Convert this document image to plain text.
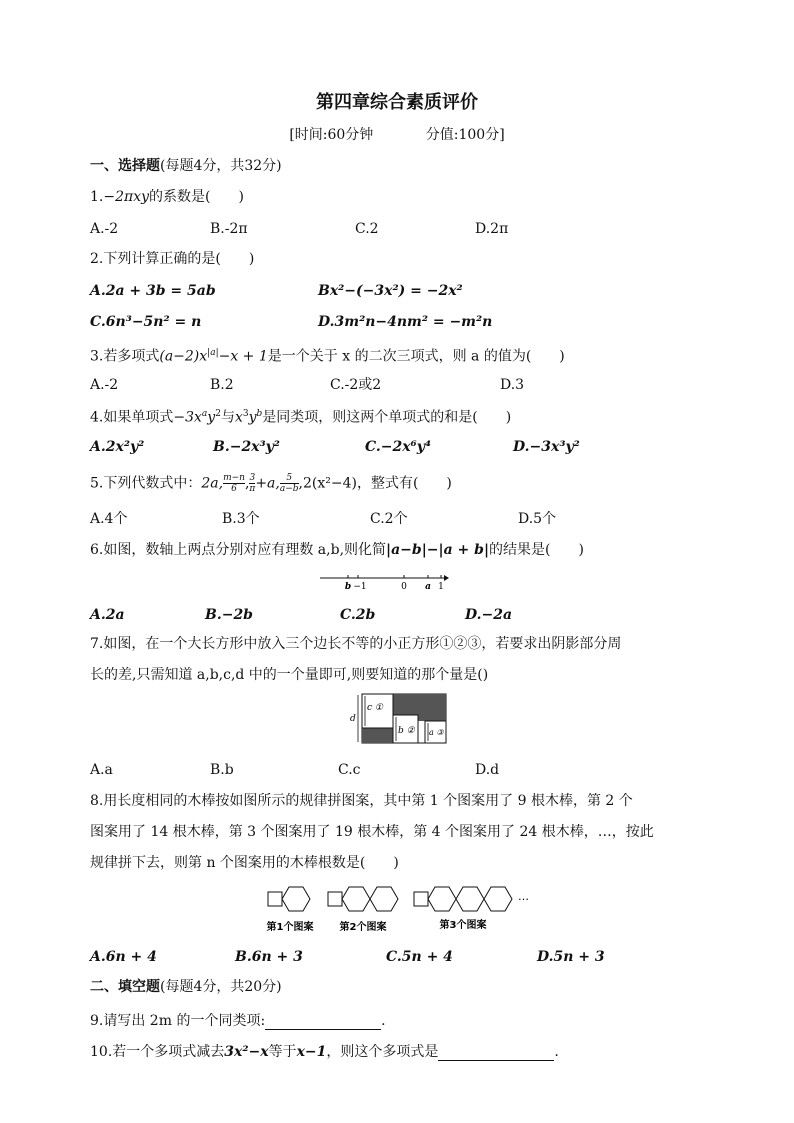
第四章综合素质评价
[时间:60分钟	分值:100分]
一、选择题(每题4分，共32分)
1.−2πxy的系数是(　　)
A.-2	B.-2π	C.2	D.2π
2.下列计算正确的是(　　)
A.2a + 3b = 5ab	Bx²−(−3x²) = −2x²
C.6n³−5n² = n	D.3m²n−4nm² = −m²n
3.若多项式$(a-2)x^{|a|}-x + 1$是一个关于 x 的二次三项式，则 a 的值为(　　)
A.-2	B.2	C.-2或2	D.3
4.如果单项式$-3x^ay^2$与$x^3y^b$是同类项，则这两个单项式的和是(　　)
A.2x²y²	B.−2x³y²	C.−2x⁶y⁴	D.−3x³y²
5.下列代数式中：2a, $\frac{m-n}{6}$ , $\frac{3}{\pi} +a$, $\frac{5}{a-b} ,2(x^2-4)$，整式有(　　)
A.4个	B.3个	C.2个	D.5个
6.如图，数轴上两点分别对应有理数 a,b,则化简|a−b|−|a + b|的结果是(　　)
b −1	0 a 1
A.2a	B.−2b	C.2b	D.−2a
7.如图，在一个大长方形中放入三个边长不等的小正方形①②③，若要求出阴影部分周
长的差,只需知道 a,b,c,d 中的一个量即可,则要知道的那个量是()
d
c ①
b ② a ③
A.a	B.b	C.c	D.d
8.用长度相同的木棒按如图所示的规律拼图案，其中第 1 个图案用了 9 根木棒，第 2 个
图案用了 14 根木棒，第 3 个图案用了 19 根木棒，第 4 个图案用了 24 根木棒，…，按此
规律拼下去，则第 n 个图案用的木棒根数是(　　)
…
第1个图案	第2个图案	第3个图案
A.6n + 4	B.6n + 3	C.5n + 4	D.5n + 3
二、填空题(每题4分，共20分)
9.请写出 2m 的一个同类项:	.
10.若一个多项式减去3x²−x等于x−1，则这个多项式是	.
